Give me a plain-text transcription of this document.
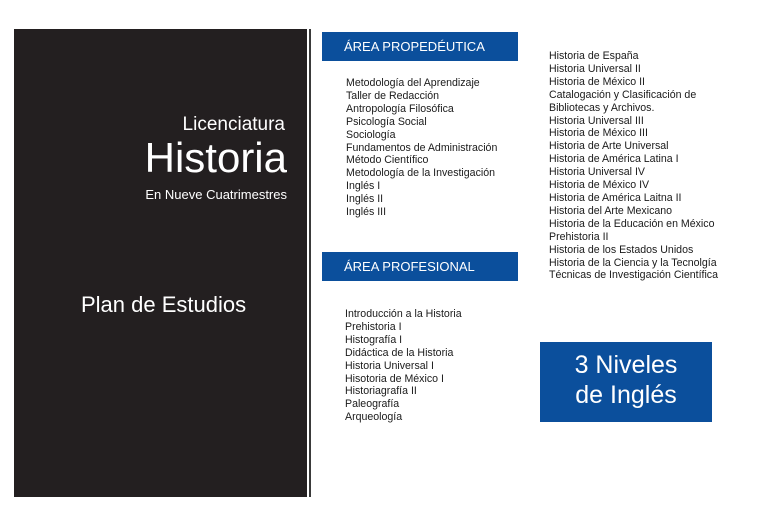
Licenciatura

Historia

En Nueve Cuatrimestres

Plan de Estudios

ÁREA PROPEDÉUTICA
Metodología del Aprendizaje
Taller de Redacción
Antropología Filosófica
Psicología Social
Sociología
Fundamentos de Administración
Método Científico
Metodología de la Investigación
Inglés I
Inglés II
Inglés III
ÁREA PROFESIONAL
Introducción a la Historia
Prehistoria I
Histografía I
Didáctica de la Historia
Historia Universal I
Hisotoria de México I
Historiagrafía II
Paleografía
Arqueología
Historia de España
Historia Universal II
Historia de México II
Catalogación y Clasificación de
Bibliotecas y Archivos.
Historia Universal III
Historia de México III
Historia de Arte Universal
Historia de América Latina I
Historia Universal IV
Historia de México IV
Historia de América Laitna II
Historia del Arte Mexicano
Historia de la Educación en México
Prehistoria II
Historia de los Estados Unidos
Historia de la Ciencia y la Tecnolgía
Técnicas de Investigación Científica
3 Niveles
de Inglés
